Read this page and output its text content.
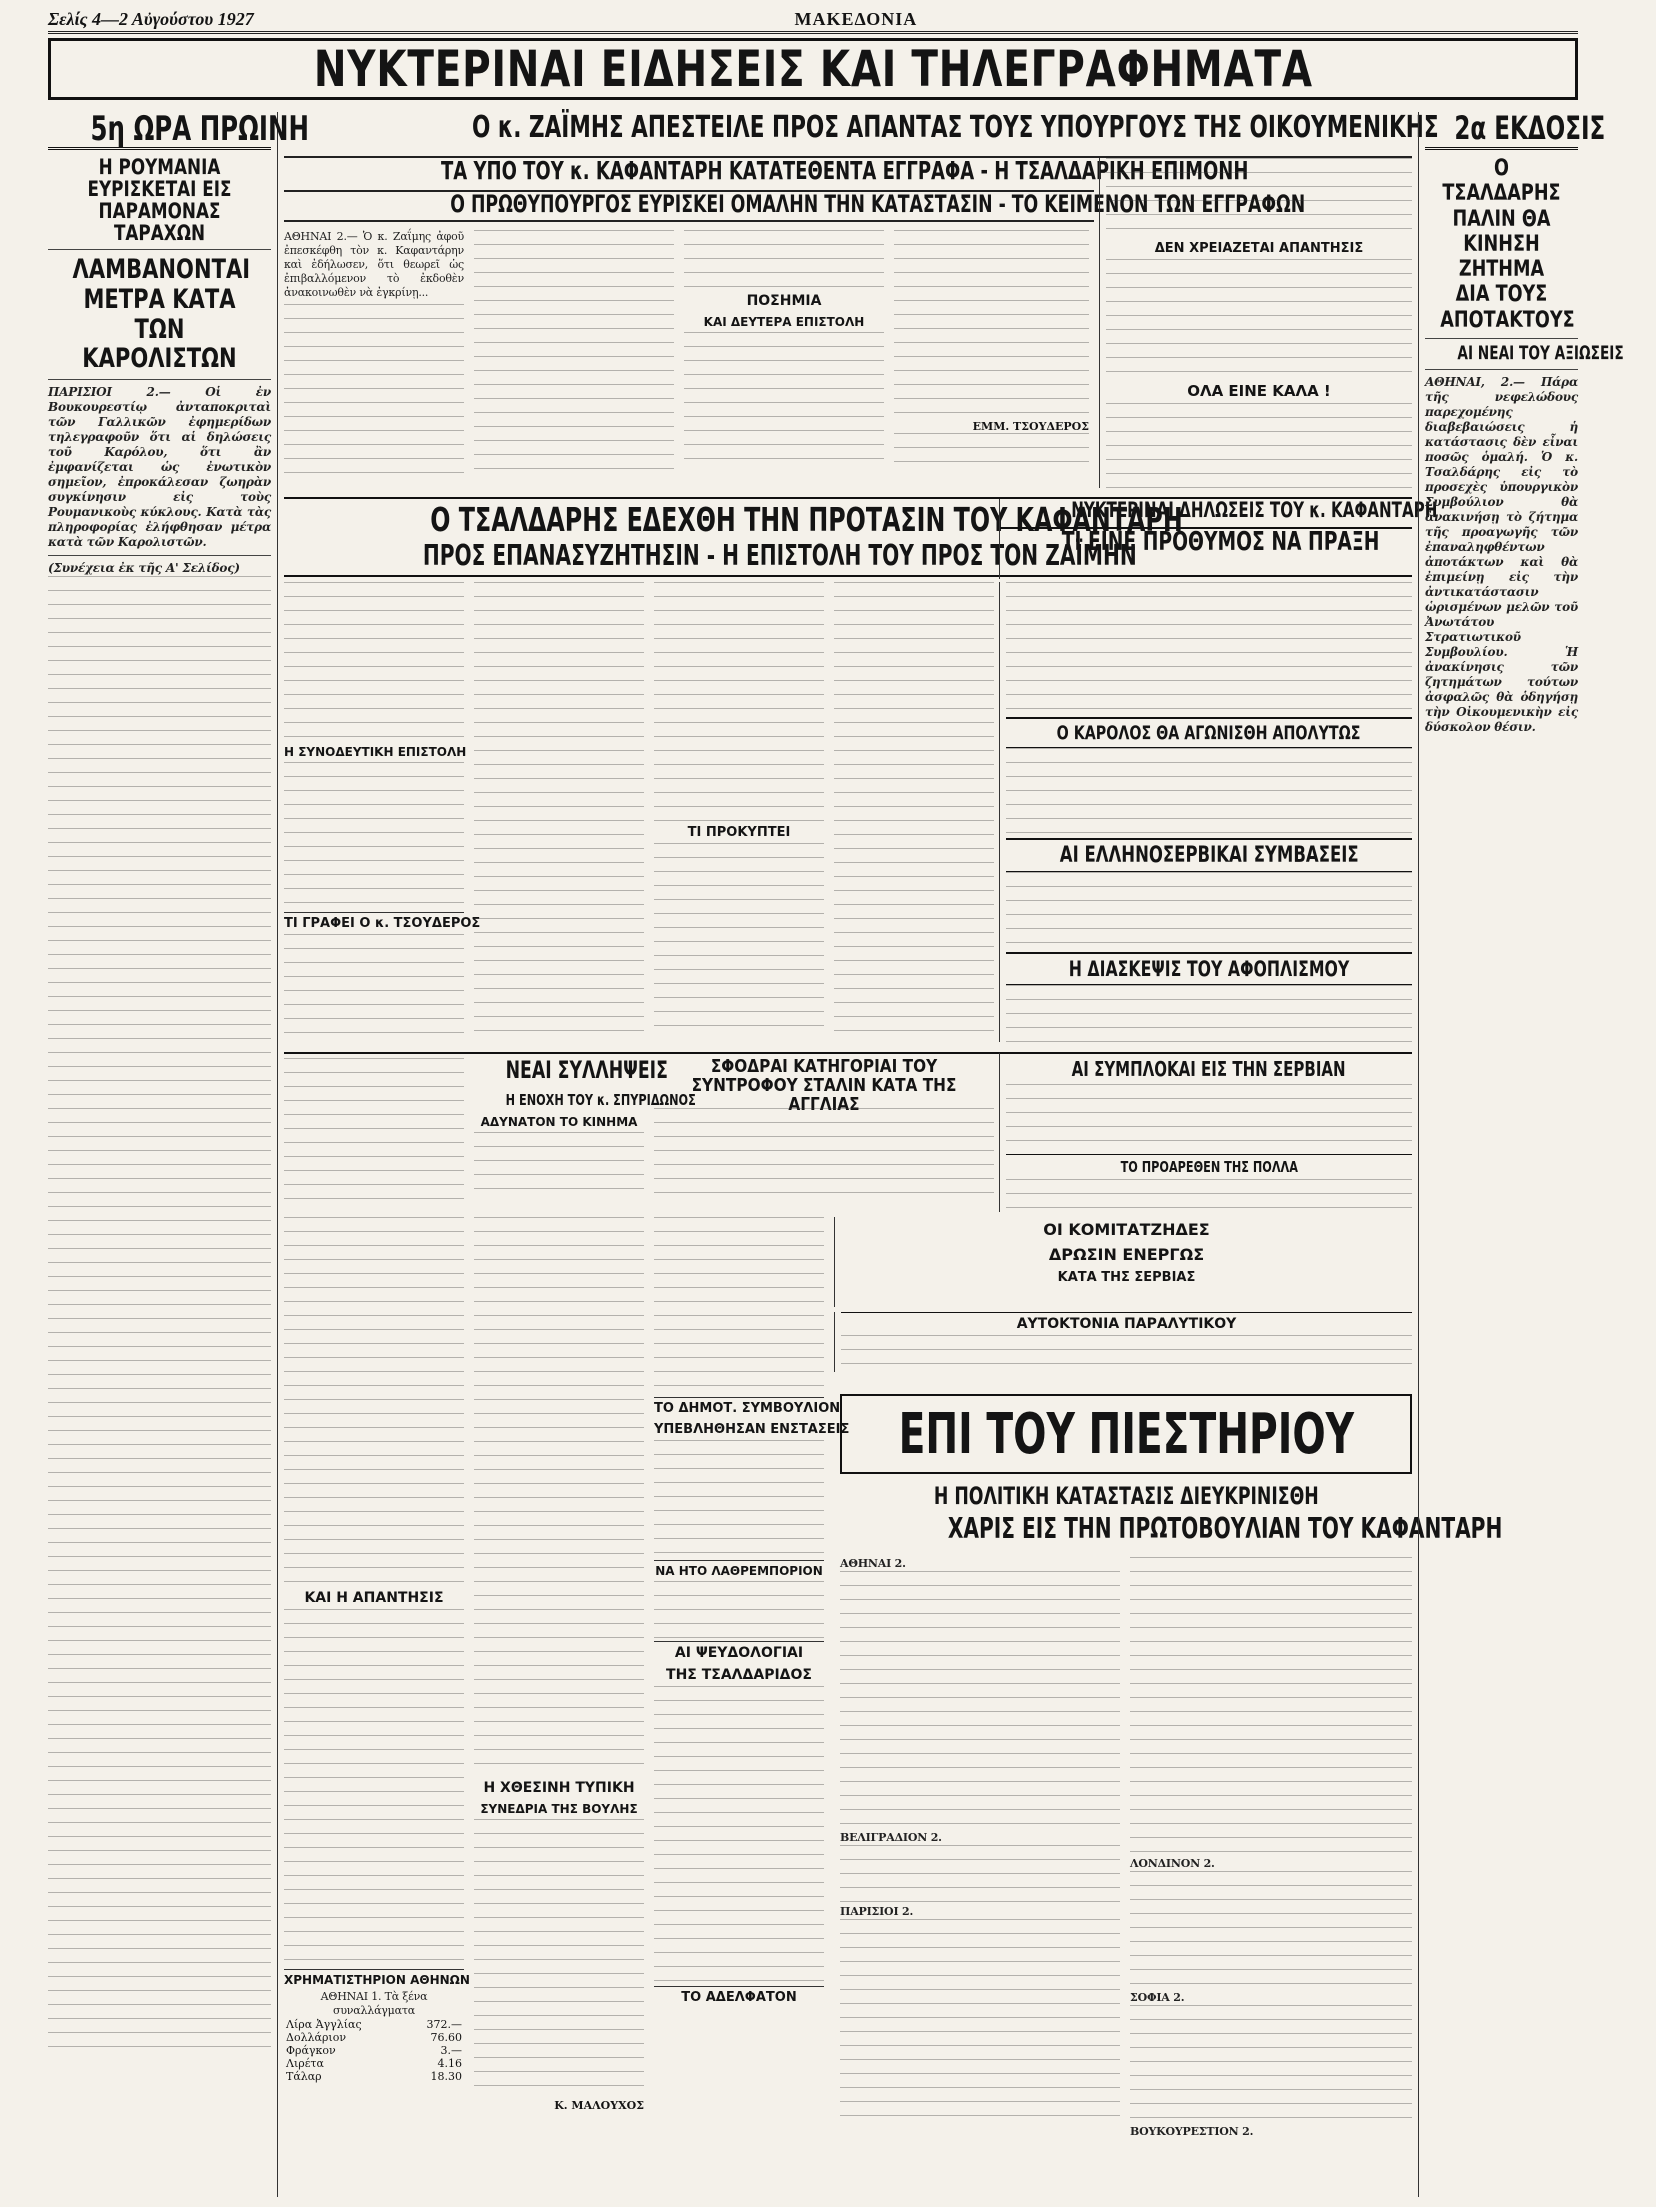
Σελίς 4—2 Αὐγούστου 1927	ΜΑΚΕΔΟΝΙΑ
ΝΥΚΤΕΡΙΝΑΙ ΕΙΔΗΣΕΙΣ ΚΑΙ ΤΗΛΕΓΡΑΦΗΜΑΤΑ
5η ΩΡΑ ΠΡΩΙΝΗ
Η ΡΟΥΜΑΝΙΑ ΕΥΡΙΣΚΕΤΑΙ ΕΙΣ ΠΑΡΑΜΟΝΑΣ ΤΑΡΑΧΩΝ
ΛΑΜΒΑΝΟΝΤΑΙ ΜΕΤΡΑ ΚΑΤΑ ΤΩΝ ΚΑΡΟΛΙΣΤΩΝ

ΠΑΡΙΣΙΟΙ 2.— Οἱ ἐν Βουκουρεστίῳ ἀνταποκριταὶ τῶν Γαλλικῶν ἐφημερίδων τηλεγραφοῦν ὅτι αἱ δηλώσεις τοῦ Καρόλου, ὅτι ἂν ἐμφανίζεται ὡς ἐνωτικὸν σημεῖον, ἐπροκάλεσαν ζωηρὰν συγκίνησιν εἰς τοὺς Ρουμανικοὺς κύκλους. Κατὰ τὰς πληροφορίας ἐλήφθησαν μέτρα κατὰ τῶν Καρολιστῶν.

(Συνέχεια ἐκ τῆς Α' Σελίδος)

Ο κ. ΖΑΪΜΗΣ ΑΠΕΣΤΕΙΛΕ ΠΡΟΣ ΑΠΑΝΤΑΣ ΤΟΥΣ ΥΠΟΥΡΓΟΥΣ ΤΗΣ ΟΙΚΟΥΜΕΝΙΚΗΣ
ΤΑ ΥΠΟ ΤΟΥ κ. ΚΑΦΑΝΤΑΡΗ ΚΑΤΑΤΕΘΕΝΤΑ ΕΓΓΡΑΦΑ - Η ΤΣΑΛΔΑΡΙΚΗ ΕΠΙΜΟΝΗ
Ο ΠΡΩΘΥΠΟΥΡΓΟΣ ΕΥΡΙΣΚΕΙ ΟΜΑΛΗΝ ΤΗΝ ΚΑΤΑΣΤΑΣΙΝ - ΤΟ ΚΕΙΜΕΝΟΝ ΤΩΝ ΕΓΓΡΑΦΩΝ

ΑΘΗΝΑΙ 2.— Ὁ κ. Ζαΐμης ἀφοῦ ἐπεσκέφθη τὸν κ. Καφαντάρην καὶ ἐδήλωσεν, ὅτι θεωρεῖ ὡς ἐπιβαλλόμενον τὸ ἐκδοθὲν ἀνακοινωθὲν νὰ ἐγκρίνῃ...

ΠΟΣΗΜΙΑ
ΚΑΙ ΔΕΥΤΕΡΑ ΕΠΙΣΤΟΛΗ
ΕΜΜ. ΤΣΟΥΔΕΡΟΣ
ΔΕΝ ΧΡΕΙΑΖΕΤΑΙ ΑΠΑΝΤΗΣΙΣ
ΟΛΑ ΕΙΝΕ ΚΑΛΑ !
Ο ΤΣΑΛΔΑΡΗΣ ΕΔΕΧΘΗ ΤΗΝ ΠΡΟΤΑΣΙΝ ΤΟΥ ΚΑΦΑΝΤΑΡΗ
ΠΡΟΣ ΕΠΑΝΑΣΥΖΗΤΗΣΙΝ - Η ΕΠΙΣΤΟΛΗ ΤΟΥ ΠΡΟΣ ΤΟΝ ΖΑΪΜΗΝ
ΝΥΚΤΕΡΙΝΑΙ ΔΗΛΩΣΕΙΣ ΤΟΥ κ. ΚΑΦΑΝΤΑΡΗ
ΤΙ ΕΙΝΕ ΠΡΟΘΥΜΟΣ ΝΑ ΠΡΑΞΗ
Η ΣΥΝΟΔΕΥΤΙΚΗ ΕΠΙΣΤΟΛΗ
ΤΙ ΓΡΑΦΕΙ Ο κ. ΤΣΟΥΔΕΡΟΣ
ΤΙ ΠΡΟΚΥΠΤΕΙ
Ο ΚΑΡΟΛΟΣ ΘΑ ΑΓΩΝΙΣΘΗ ΑΠΟΛΥΤΩΣ
ΑΙ ΕΛΛΗΝΟΣΕΡΒΙΚΑΙ ΣΥΜΒΑΣΕΙΣ
Η ΔΙΑΣΚΕΨΙΣ ΤΟΥ ΑΦΟΠΛΙΣΜΟΥ
ΝΕΑΙ ΣΥΛΛΗΨΕΙΣ
Η ΕΝΟΧΗ ΤΟΥ κ. ΣΠΥΡΙΔΩΝΟΣ
ΑΔΥΝΑΤΟΝ ΤΟ ΚΙΝΗΜΑ
ΣΦΟΔΡΑΙ ΚΑΤΗΓΟΡΙΑΙ ΤΟΥ ΣΥΝΤΡΟΦΟΥ ΣΤΑΛΙΝ ΚΑΤΑ ΤΗΣ ΑΓΓΛΙΑΣ
ΑΙ ΣΥΜΠΛΟΚΑΙ ΕΙΣ ΤΗΝ ΣΕΡΒΙΑΝ
ΤΟ ΠΡΟΑΡΕΘΕΝ ΤΗΣ ΠΟΛΛΑ
ΚΑΙ Η ΑΠΑΝΤΗΣΙΣ
ΧΡΗΜΑΤΙΣΤΗΡΙΟΝ ΑΘΗΝΩΝ

ΑΘΗΝΑΙ 1. Τὰ ξένα συναλλάγματα

Λίρα Ἀγγλίας	372.—
Δολλάριον	76.60
Φράγκον	3.—
Λιρέτα	4.16
Τάλαρ	18.30
Η ΧΘΕΣΙΝΗ ΤΥΠΙΚΗ
ΣΥΝΕΔΡΙΑ ΤΗΣ ΒΟΥΛΗΣ
Κ. ΜΑΛΟΥΧΟΣ
ΤΟ ΔΗΜΟΤ. ΣΥΜΒΟΥΛΙΟΝ
ΥΠΕΒΛΗΘΗΣΑΝ ΕΝΣΤΑΣΕΙΣ
ΝΑ ΗΤΟ ΛΑΘΡΕΜΠΟΡΙΟΝ
ΑΙ ΨΕΥΔΟΛΟΓΙΑΙ
ΤΗΣ ΤΣΑΛΔΑΡΙΔΟΣ
ΤΟ ΑΔΕΛΦΑΤΟΝ
ΟΙ ΚΟΜΙΤΑΤΖΗΔΕΣ
ΔΡΩΣΙΝ ΕΝΕΡΓΩΣ
ΚΑΤΑ ΤΗΣ ΣΕΡΒΙΑΣ
ΑΥΤΟΚΤΟΝΙΑ ΠΑΡΑΛΥΤΙΚΟΥ
ΕΠΙ ΤΟΥ ΠΙΕΣΤΗΡΙΟΥ
Η ΠΟΛΙΤΙΚΗ ΚΑΤΑΣΤΑΣΙΣ ΔΙΕΥΚΡΙΝΙΣΘΗ
ΧΑΡΙΣ ΕΙΣ ΤΗΝ ΠΡΩΤΟΒΟΥΛΙΑΝ ΤΟΥ ΚΑΦΑΝΤΑΡΗ

ΑΘΗΝΑΙ 2.

ΒΕΛΙΓΡΑΔΙΟΝ 2.

ΠΑΡΙΣΙΟΙ 2.

ΛΟΝΔΙΝΟΝ 2.

ΣΟΦΙΑ 2.

ΒΟΥΚΟΥΡΕΣΤΙΟΝ 2.

2α ΕΚΔΟΣΙΣ
Ο ΤΣΑΛΔΑΡΗΣ ΠΑΛΙΝ ΘΑ ΚΙΝΗΣΗ ΖΗΤΗΜΑ ΔΙΑ ΤΟΥΣ ΑΠΟΤΑΚΤΟΥΣ
ΑΙ ΝΕΑΙ ΤΟΥ ΑΞΙΩΣΕΙΣ

ΑΘΗΝΑΙ, 2.— Πάρα τῆς νεφελώδους παρεχομένης διαβεβαιώσεις ἡ κατάστασις δὲν εἶναι ποσῶς ὁμαλή. Ὁ κ. Τσαλδάρης εἰς τὸ προσεχὲς ὑπουργικὸν Συμβούλιον θὰ ἀνακινήσῃ τὸ ζήτημα τῆς προαγωγῆς τῶν ἐπαναληφθέντων ἀποτάκτων καὶ θὰ ἐπιμείνῃ εἰς τὴν ἀντικατάστασιν ὡρισμένων μελῶν τοῦ Ἀνωτάτου Στρατιωτικοῦ Συμβουλίου. Ἡ ἀνακίνησις τῶν ζητημάτων τούτων ἀσφαλῶς θὰ ὁδηγήσῃ τὴν Οἰκουμενικὴν εἰς δύσκολον θέσιν.
